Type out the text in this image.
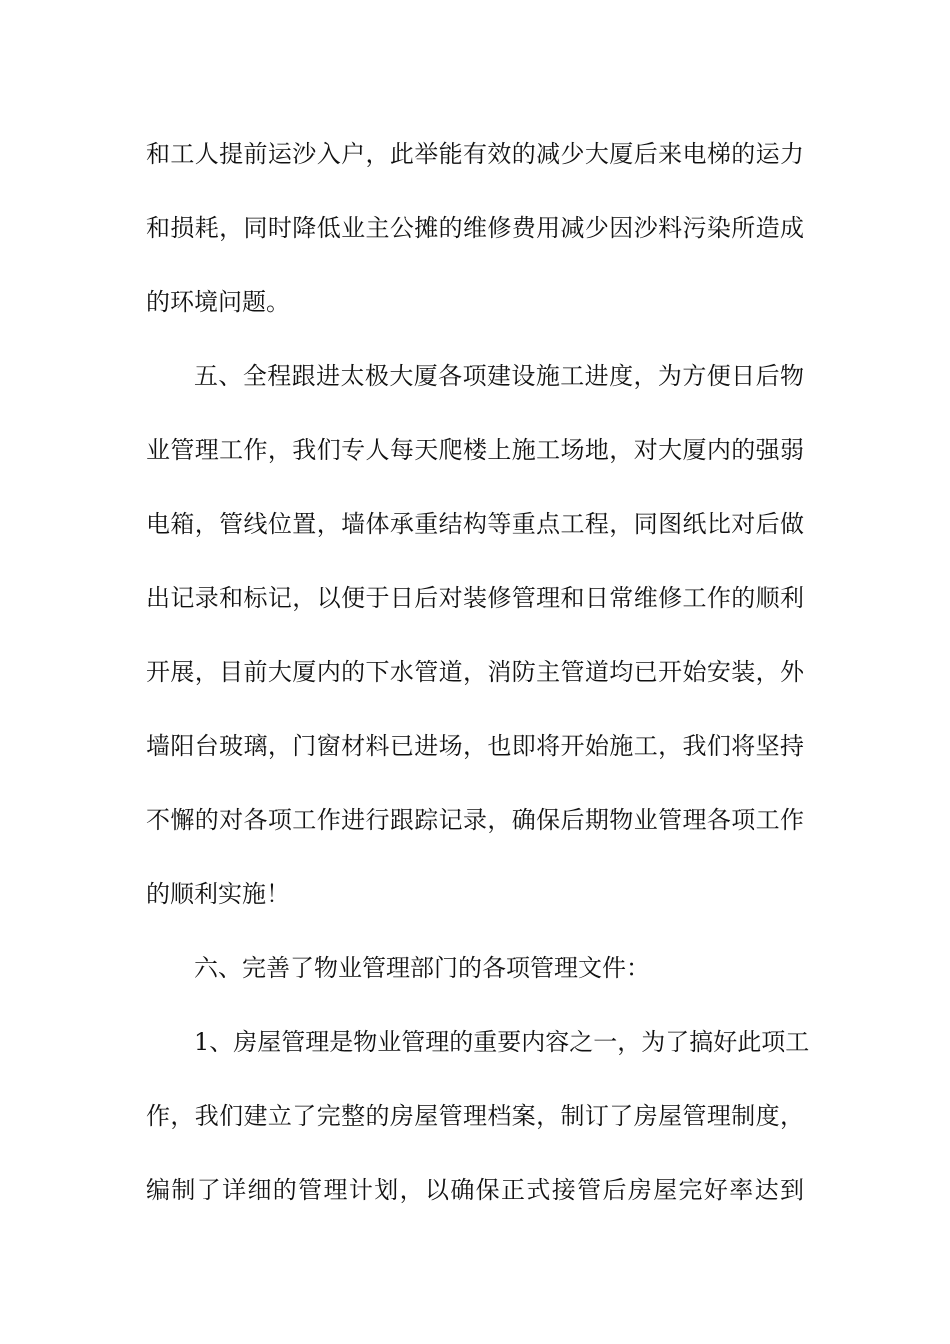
和工人提前运沙入户，此举能有效的减少大厦后来电梯的运力
和损耗，同时降低业主公摊的维修费用减少因沙料污染所造成
的环境问题。
五、全程跟进太极大厦各项建设施工进度，为方便日后物
业管理工作，我们专人每天爬楼上施工场地，对大厦内的强弱
电箱，管线位置，墙体承重结构等重点工程，同图纸比对后做
出记录和标记，以便于日后对装修管理和日常维修工作的顺利
开展，目前大厦内的下水管道，消防主管道均已开始安装，外
墙阳台玻璃，门窗材料已进场，也即将开始施工，我们将坚持
不懈的对各项工作进行跟踪记录，确保后期物业管理各项工作
的顺利实施！
六、完善了物业管理部门的各项管理文件：
1、房屋管理是物业管理的重要内容之一，为了搞好此项工
作，我们建立了完整的房屋管理档案，制订了房屋管理制度，
编制了详细的管理计划，以确保正式接管后房屋完好率达到
